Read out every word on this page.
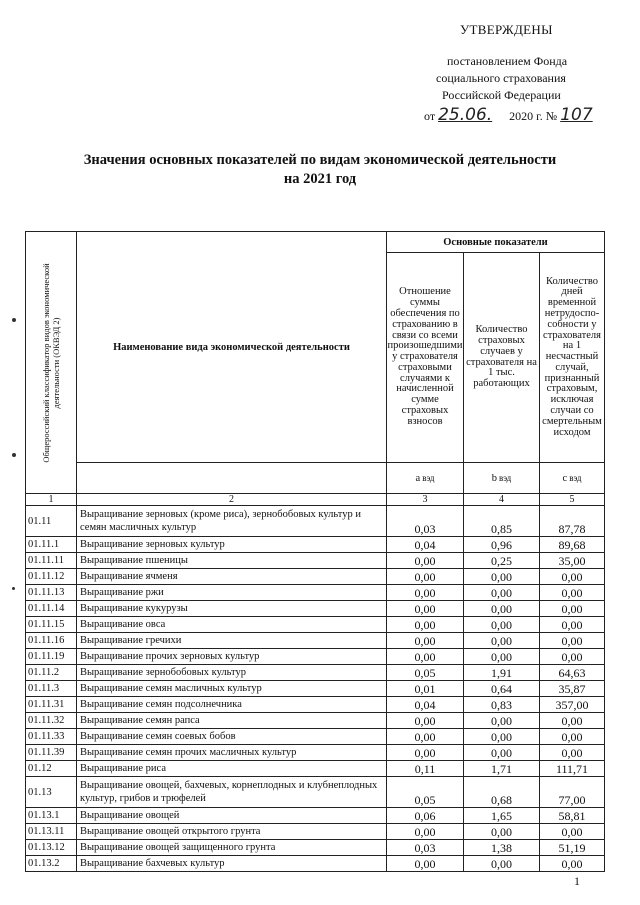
УТВЕРЖДЕНЫ
постановлением Фонда
социального страхования
Российской Федерации
от 25.06. 2020 г. № 107
Значения основных показателей по видам экономической деятельности
на 2021 год
Общероссийский классификатор видов экономической деятельности (ОКВЭД 2)	Наименование вида экономической деятельности	Основные показатели		
		Отношение суммы обеспечения по страхованию в связи со всеми произошедшими у страхователя страховыми случаями к начисленной сумме страховых взносов	Количество страховых случаев у страхователя на 1 тыс. работающих	Количество дней временной нетрудоспо-собности у страхователя на 1 несчастный случай, признанный страховым, исключая случаи со смертельным исходом
		a вэд	b вэд	c вэд
1	2	3	4	5
01.11	Выращивание зерновых (кроме риса), зернобобовых культур и семян масличных культур	0,03	0,85	87,78
01.11.1	Выращивание зерновых культур	0,04	0,96	89,68
01.11.11	Выращивание пшеницы	0,00	0,25	35,00
01.11.12	Выращивание ячменя	0,00	0,00	0,00
01.11.13	Выращивание ржи	0,00	0,00	0,00
01.11.14	Выращивание кукурузы	0,00	0,00	0,00
01.11.15	Выращивание овса	0,00	0,00	0,00
01.11.16	Выращивание гречихи	0,00	0,00	0,00
01.11.19	Выращивание прочих зерновых культур	0,00	0,00	0,00
01.11.2	Выращивание зернобобовых культур	0,05	1,91	64,63
01.11.3	Выращивание семян масличных культур	0,01	0,64	35,87
01.11.31	Выращивание семян подсолнечника	0,04	0,83	357,00
01.11.32	Выращивание семян рапса	0,00	0,00	0,00
01.11.33	Выращивание семян соевых бобов	0,00	0,00	0,00
01.11.39	Выращивание семян прочих масличных культур	0,00	0,00	0,00
01.12	Выращивание риса	0,11	1,71	111,71
01.13	Выращивание овощей, бахчевых, корнеплодных и клубнеплодных культур, грибов и трюфелей	0,05	0,68	77,00
01.13.1	Выращивание овощей	0,06	1,65	58,81
01.13.11	Выращивание овощей открытого грунта	0,00	0,00	0,00
01.13.12	Выращивание овощей защищенного грунта	0,03	1,38	51,19
01.13.2	Выращивание бахчевых культур	0,00	0,00	0,00
1
